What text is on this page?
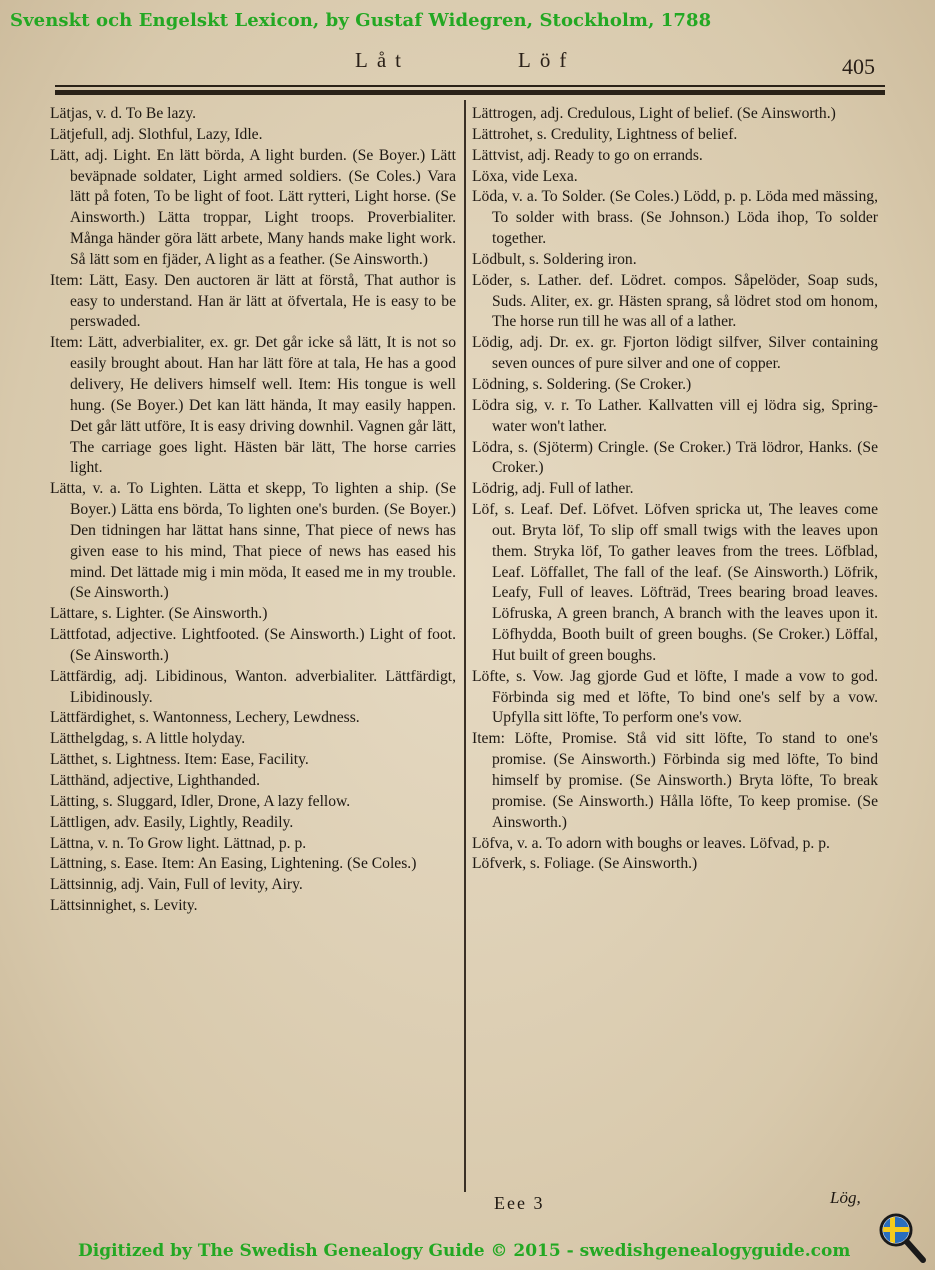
Svenskt och Engelskt Lexicon, by Gustaf Widegren, Stockholm, 1788
Låt	Löf	405

Lätjas, v. d. To Be lazy.

Lätjefull, adj. Slothful, Lazy, Idle.

Lätt, adj. Light. En lätt börda, A light burden. (Se Boyer.) Lätt beväpnade soldater, Light armed soldiers. (Se Coles.) Vara lätt på foten, To be light of foot. Lätt rytteri, Light horse. (Se Ainsworth.) Lätta troppar, Light troops. Proverbialiter. Många händer göra lätt arbete, Many hands make light work. Så lätt som en fjäder, A light as a feather. (Se Ainsworth.)

Item: Lätt, Easy. Den auctoren är lätt at förstå, That author is easy to understand. Han är lätt at öfvertala, He is easy to be perswaded.

Item: Lätt, adverbialiter, ex. gr. Det går icke så lätt, It is not so easily brought about. Han har lätt före at tala, He has a good delivery, He delivers himself well. Item: His tongue is well hung. (Se Boyer.) Det kan lätt hända, It may easily happen. Det går lätt utföre, It is easy driving downhil. Vagnen går lätt, The carriage goes light. Hästen bär lätt, The horse carries light.

Lätta, v. a. To Lighten. Lätta et skepp, To lighten a ship. (Se Boyer.) Lätta ens börda, To lighten one's burden. (Se Boyer.) Den tidningen har lättat hans sinne, That piece of news has given ease to his mind, That piece of news has eased his mind. Det lättade mig i min möda, It eased me in my trouble. (Se Ainsworth.)

Lättare, s. Lighter. (Se Ainsworth.)

Lättfotad, adjective. Lightfooted. (Se Ainsworth.) Light of foot. (Se Ainsworth.)

Lättfärdig, adj. Libidinous, Wanton. adverbialiter. Lättfärdigt, Libidinously.

Lättfärdighet, s. Wantonness, Lechery, Lewdness.

Lätthelgdag, s. A little holyday.

Lätthet, s. Lightness. Item: Ease, Facility.

Lätthänd, adjective, Lighthanded.

Lätting, s. Sluggard, Idler, Drone, A lazy fellow.

Lättligen, adv. Easily, Lightly, Readily.

Lättna, v. n. To Grow light. Lättnad, p. p.

Lättning, s. Ease. Item: An Easing, Lightening. (Se Coles.)

Lättsinnig, adj. Vain, Full of levity, Airy.

Lättsinnighet, s. Levity.

Lättrogen, adj. Credulous, Light of belief. (Se Ainsworth.)

Lättrohet, s. Credulity, Lightness of belief.

Lättvist, adj. Ready to go on errands.

Löxa, vide Lexa.

Löda, v. a. To Solder. (Se Coles.) Lödd, p. p. Löda med mässing, To solder with brass. (Se Johnson.) Löda ihop, To solder together.

Lödbult, s. Soldering iron.

Löder, s. Lather. def. Lödret. compos. Såpelöder, Soap suds, Suds. Aliter, ex. gr. Hästen sprang, så lödret stod om honom, The horse run till he was all of a lather.

Lödig, adj. Dr. ex. gr. Fjorton lödigt silfver, Silver containing seven ounces of pure silver and one of copper.

Lödning, s. Soldering. (Se Croker.)

Lödra sig, v. r. To Lather. Kallvatten vill ej lödra sig, Spring-water won't lather.

Lödra, s. (Sjöterm) Cringle. (Se Croker.) Trä lödror, Hanks. (Se Croker.)

Lödrig, adj. Full of lather.

Löf, s. Leaf. Def. Löfvet. Löfven spricka ut, The leaves come out. Bryta löf, To slip off small twigs with the leaves upon them. Stryka löf, To gather leaves from the trees. Löfblad, Leaf. Löffallet, The fall of the leaf. (Se Ainsworth.) Löfrik, Leafy, Full of leaves. Löfträd, Trees bearing broad leaves. Löfruska, A green branch, A branch with the leaves upon it. Löfhydda, Booth built of green boughs. (Se Croker.) Löffal, Hut built of green boughs.

Löfte, s. Vow. Jag gjorde Gud et löfte, I made a vow to god. Förbinda sig med et löfte, To bind one's self by a vow. Upfylla sitt löfte, To perform one's vow.

Item: Löfte, Promise. Stå vid sitt löfte, To stand to one's promise. (Se Ainsworth.) Förbinda sig med löfte, To bind himself by promise. (Se Ainsworth.) Bryta löfte, To break promise. (Se Ainsworth.) Hålla löfte, To keep promise. (Se Ainsworth.)

Löfva, v. a. To adorn with boughs or leaves. Löfvad, p. p.

Löfverk, s. Foliage. (Se Ainsworth.)

Eee 3	Lög,
Digitized by The Swedish Genealogy Guide © 2015 - swedishgenealogyguide.com
